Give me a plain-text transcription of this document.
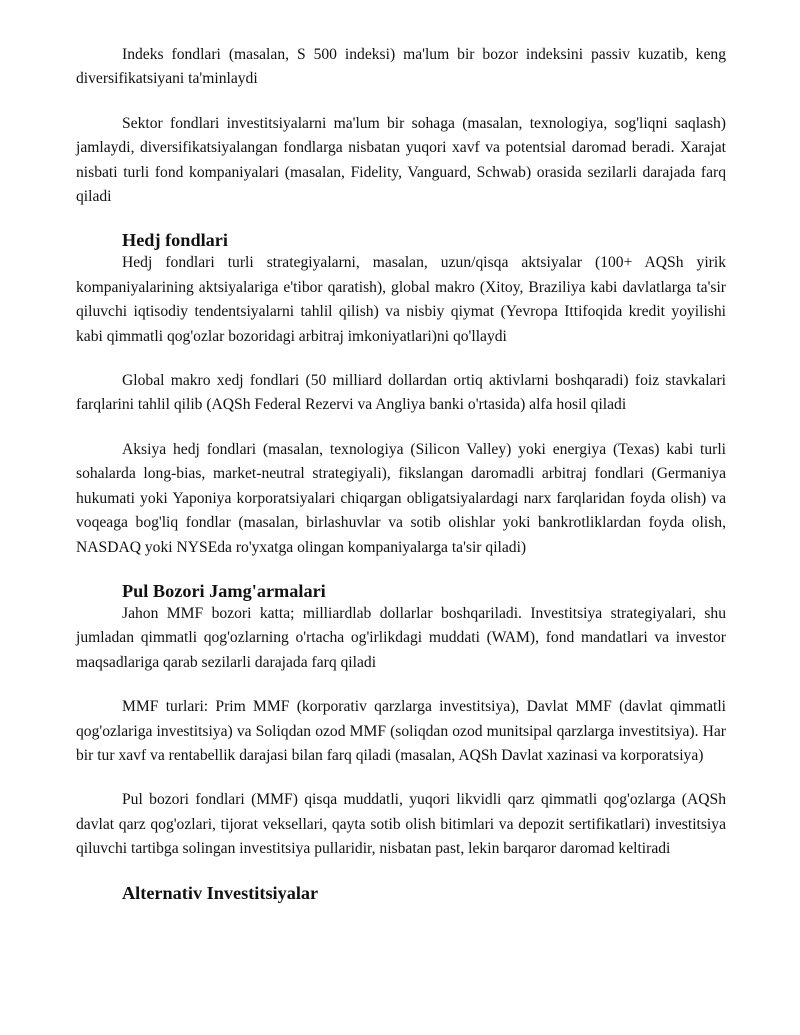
Indeks fondlari (masalan, S 500 indeksi) ma'lum bir bozor indeksini passiv kuzatib, keng diversifikatsiyani ta'minlaydi

Sektor fondlari investitsiyalarni ma'lum bir sohaga (masalan, texnologiya, sog'liqni saqlash) jamlaydi, diversifikatsiyalangan fondlarga nisbatan yuqori xavf va potentsial daromad beradi. Xarajat nisbati turli fond kompaniyalari (masalan, Fidelity, Vanguard, Schwab) orasida sezilarli darajada farq qiladi

Hedj fondlari

Hedj fondlari turli strategiyalarni, masalan, uzun/qisqa aktsiyalar (100+ AQSh yirik kompaniyalarining aktsiyalariga e'tibor qaratish), global makro (Xitoy, Braziliya kabi davlatlarga ta'sir qiluvchi iqtisodiy tendentsiyalarni tahlil qilish) va nisbiy qiymat (Yevropa Ittifoqida kredit yoyilishi kabi qimmatli qog'ozlar bozoridagi arbitraj imkoniyatlari)ni qo'llaydi

Global makro xedj fondlari (50 milliard dollardan ortiq aktivlarni boshqaradi) foiz stavkalari farqlarini tahlil qilib (AQSh Federal Rezervi va Angliya banki o'rtasida) alfa hosil qiladi

Aksiya hedj fondlari (masalan, texnologiya (Silicon Valley) yoki energiya (Texas) kabi turli sohalarda long-bias, market-neutral strategiyali), fikslangan daromadli arbitraj fondlari (Germaniya hukumati yoki Yaponiya korporatsiyalari chiqargan obligatsiyalardagi narx farqlaridan foyda olish) va voqeaga bog'liq fondlar (masalan, birlashuvlar va sotib olishlar yoki bankrotliklardan foyda olish, NASDAQ yoki NYSEda ro'yxatga olingan kompaniyalarga ta'sir qiladi)

Pul Bozori Jamg'armalari

Jahon MMF bozori katta; milliardlab dollarlar boshqariladi. Investitsiya strategiyalari, shu jumladan qimmatli qog'ozlarning o'rtacha og'irlikdagi muddati (WAM), fond mandatlari va investor maqsadlariga qarab sezilarli darajada farq qiladi

MMF turlari: Prim MMF (korporativ qarzlarga investitsiya), Davlat MMF (davlat qimmatli qog'ozlariga investitsiya) va Soliqdan ozod MMF (soliqdan ozod munitsipal qarzlarga investitsiya). Har bir tur xavf va rentabellik darajasi bilan farq qiladi (masalan, AQSh Davlat xazinasi va korporatsiya)

Pul bozori fondlari (MMF) qisqa muddatli, yuqori likvidli qarz qimmatli qog'ozlarga (AQSh davlat qarz qog'ozlari, tijorat veksellari, qayta sotib olish bitimlari va depozit sertifikatlari) investitsiya qiluvchi tartibga solingan investitsiya pullaridir, nisbatan past, lekin barqaror daromad keltiradi

Alternativ Investitsiyalar
